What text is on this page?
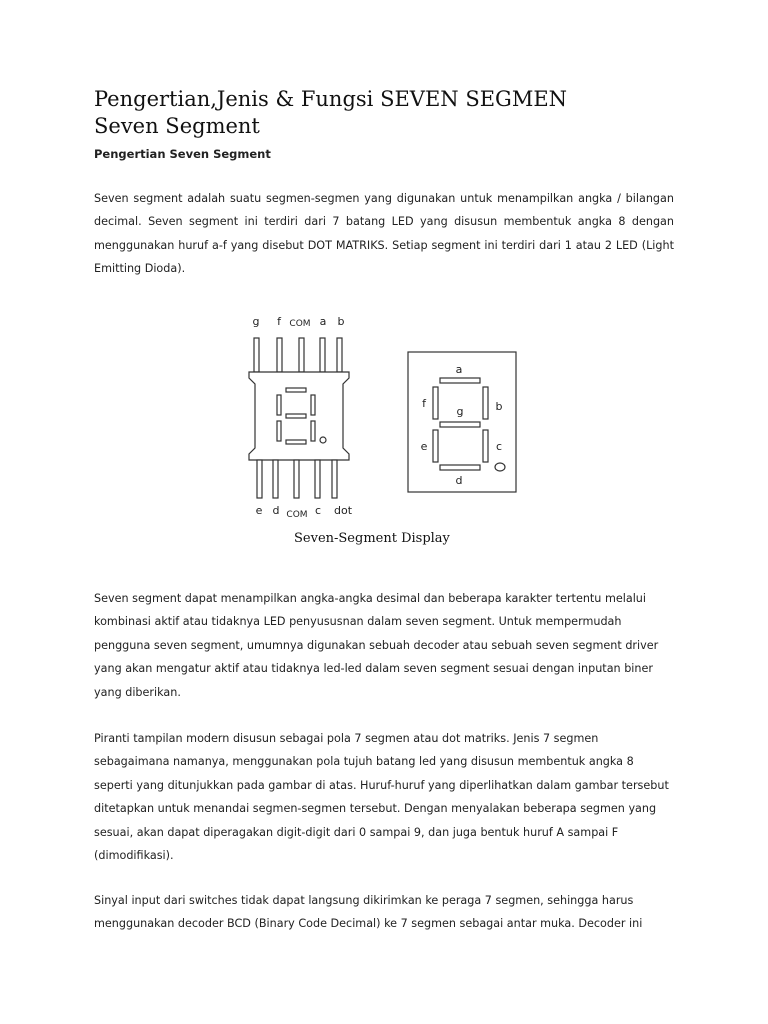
Pengertian,Jenis & Fungsi SEVEN SEGMEN
Seven Segment
Pengertian Seven Segment

Seven segment adalah suatu segmen-segmen yang digunakan untuk menampilkan angka / bilangan decimal. Seven segment ini terdiri dari 7 batang LED yang disusun membentuk angka 8 dengan menggunakan huruf a-f yang disebut DOT MATRIKS. Setiap segment ini terdiri dari 1 atau 2 LED (Light Emitting Dioda).

g f COM a b
e d COM c dot
a
b
c
d
e
f
g
Seven-Segment Display

Seven segment dapat menampilkan angka-angka desimal dan beberapa karakter tertentu melalui kombinasi aktif atau tidaknya LED penyususnan dalam seven segment. Untuk mempermudah pengguna seven segment, umumnya digunakan sebuah decoder atau sebuah seven segment driver yang akan mengatur aktif atau tidaknya led-led dalam seven segment sesuai dengan inputan biner yang diberikan.

Piranti tampilan modern disusun sebagai pola 7 segmen atau dot matriks. Jenis 7 segmen sebagaimana namanya, menggunakan pola tujuh batang led yang disusun membentuk angka 8 seperti yang ditunjukkan pada gambar di atas. Huruf-huruf yang diperlihatkan dalam gambar tersebut ditetapkan untuk menandai segmen-segmen tersebut. Dengan menyalakan beberapa segmen yang sesuai, akan dapat diperagakan digit-digit dari 0 sampai 9, dan juga bentuk huruf A sampai F (dimodifikasi).

Sinyal input dari switches tidak dapat langsung dikirimkan ke peraga 7 segmen, sehingga harus menggunakan decoder BCD (Binary Code Decimal) ke 7 segmen sebagai antar muka. Decoder ini
